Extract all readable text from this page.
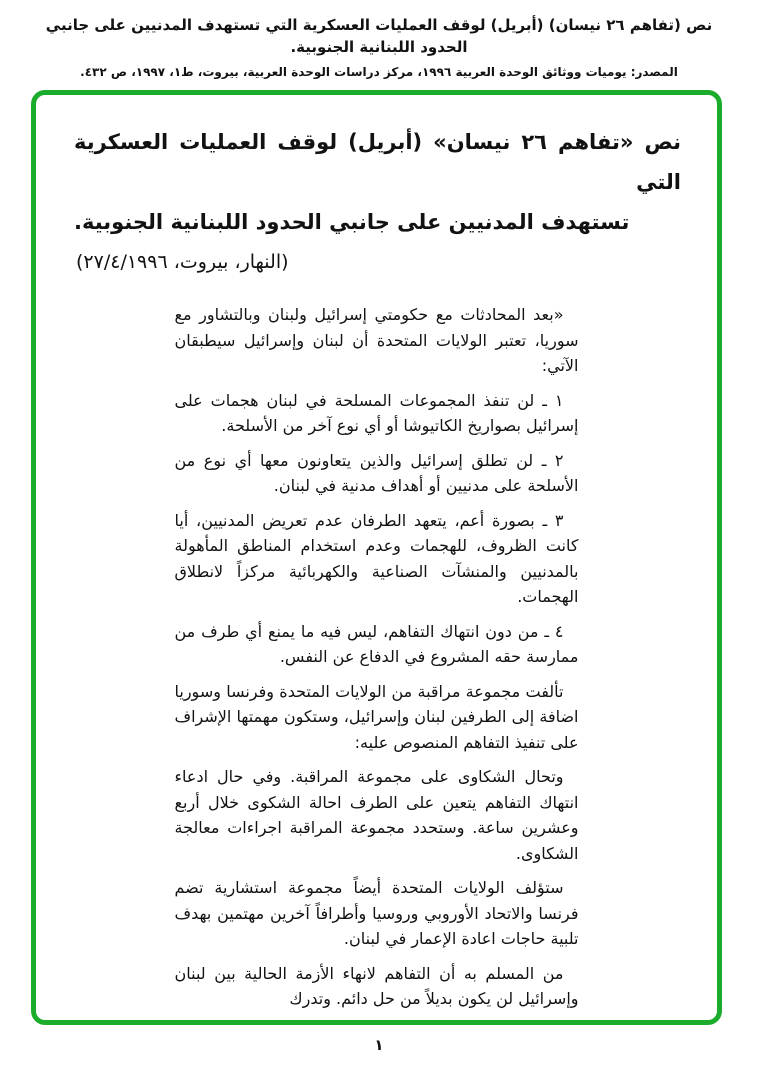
نص (تفاهم ٢٦ نيسان) (أبريل) لوقف العمليات العسكرية التي تستهدف المدنيين على جانبي الحدود اللبنانية الجنوبية.
المصدر: يوميات ووثائق الوحدة العربية ١٩٩٦، مركز دراسات الوحدة العربية، بيروت، ط١، ١٩٩٧، ص ٤٣٢.
نص «تفاهم ٢٦ نيسان» (أبريل) لوقف العمليات العسكرية التي
تستهدف المدنيين على جانبي الحدود اللبنانية الجنوبية.
(النهار، بيروت، ٢٧/٤/١٩٩٦)

«بعد المحادثات مع حكومتي إسرائيل ولبنان وبالتشاور مع سوريا، تعتبر الولايات المتحدة أن لبنان وإسرائيل سيطبقان الآتي:

١ ـ لن تنفذ المجموعات المسلحة في لبنان هجمات على إسرائيل بصواريخ الكاتيوشا أو أي نوع آخر من الأسلحة.

٢ ـ لن تطلق إسرائيل والذين يتعاونون معها أي نوع من الأسلحة على مدنيين أو أهداف مدنية في لبنان.

٣ ـ بصورة أعم، يتعهد الطرفان عدم تعريض المدنيين، أيا كانت الظروف، للهجمات وعدم استخدام المناطق المأهولة بالمدنيين والمنشآت الصناعية والكهربائية مركزاً لانطلاق الهجمات.

٤ ـ من دون انتهاك التفاهم، ليس فيه ما يمنع أي طرف من ممارسة حقه المشروع في الدفاع عن النفس.

تألفت مجموعة مراقبة من الولايات المتحدة وفرنسا وسوريا اضافة إلى الطرفين لبنان وإسرائيل، وستكون مهمتها الإشراف على تنفيذ التفاهم المنصوص عليه:

وتحال الشكاوى على مجموعة المراقبة. وفي حال ادعاء انتهاك التفاهم يتعين على الطرف احالة الشكوى خلال أربع وعشرين ساعة. وستحدد مجموعة المراقبة اجراءات معالجة الشكاوى.

ستؤلف الولايات المتحدة أيضاً مجموعة استشارية تضم فرنسا والاتحاد الأوروبي وروسيا وأطرافاً آخرين مهتمين بهدف تلبية حاجات اعادة الإعمار في لبنان.

من المسلم به أن التفاهم لانهاء الأزمة الحالية بين لبنان وإسرائيل لن يكون بديلاً من حل دائم. وتدرك

١
